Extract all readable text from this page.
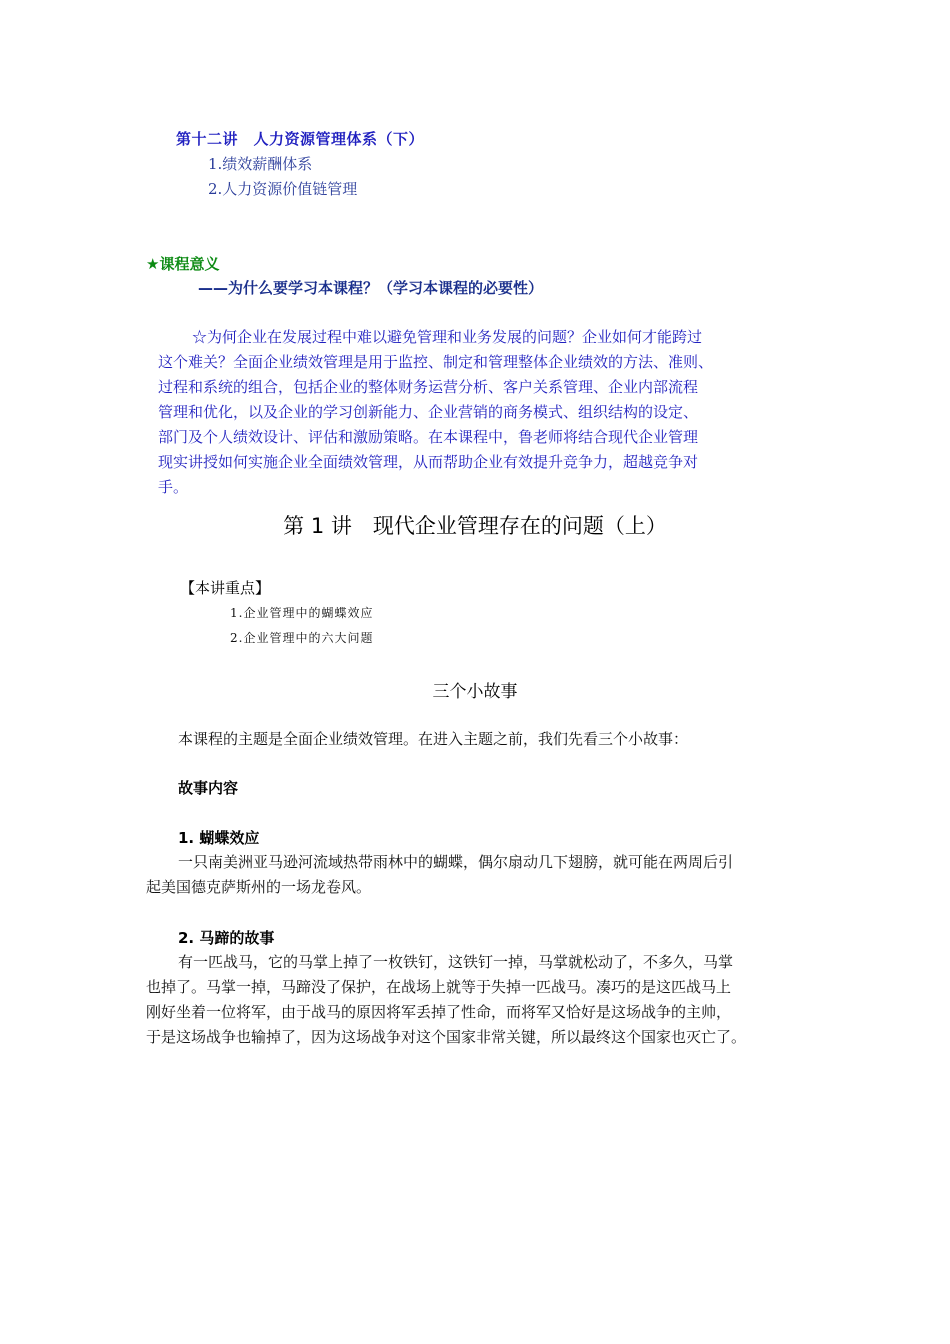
第十二讲　人力资源管理体系（下）
1.绩效薪酬体系
2.人力资源价值链管理
★课程意义
——为什么要学习本课程？（学习本课程的必要性）
☆为何企业在发展过程中难以避免管理和业务发展的问题？企业如何才能跨过
这个难关？全面企业绩效管理是用于监控、制定和管理整体企业绩效的方法、准则、
过程和系统的组合，包括企业的整体财务运营分析、客户关系管理、企业内部流程
管理和优化，以及企业的学习创新能力、企业营销的商务模式、组织结构的设定、
部门及个人绩效设计、评估和激励策略。在本课程中，鲁老师将结合现代企业管理
现实讲授如何实施企业全面绩效管理，从而帮助企业有效提升竞争力，超越竞争对
手。
第 1 讲　现代企业管理存在的问题（上）
【本讲重点】
1.企业管理中的蝴蝶效应
2.企业管理中的六大问题
三个小故事
本课程的主题是全面企业绩效管理。在进入主题之前，我们先看三个小故事：
故事内容
1. 蝴蝶效应
一只南美洲亚马逊河流域热带雨林中的蝴蝶，偶尔扇动几下翅膀，就可能在两周后引
起美国德克萨斯州的一场龙卷风。
2. 马蹄的故事
有一匹战马，它的马掌上掉了一枚铁钉，这铁钉一掉，马掌就松动了，不多久，马掌
也掉了。马掌一掉，马蹄没了保护，在战场上就等于失掉一匹战马。凑巧的是这匹战马上
刚好坐着一位将军，由于战马的原因将军丢掉了性命，而将军又恰好是这场战争的主帅，
于是这场战争也输掉了，因为这场战争对这个国家非常关键，所以最终这个国家也灭亡了。
